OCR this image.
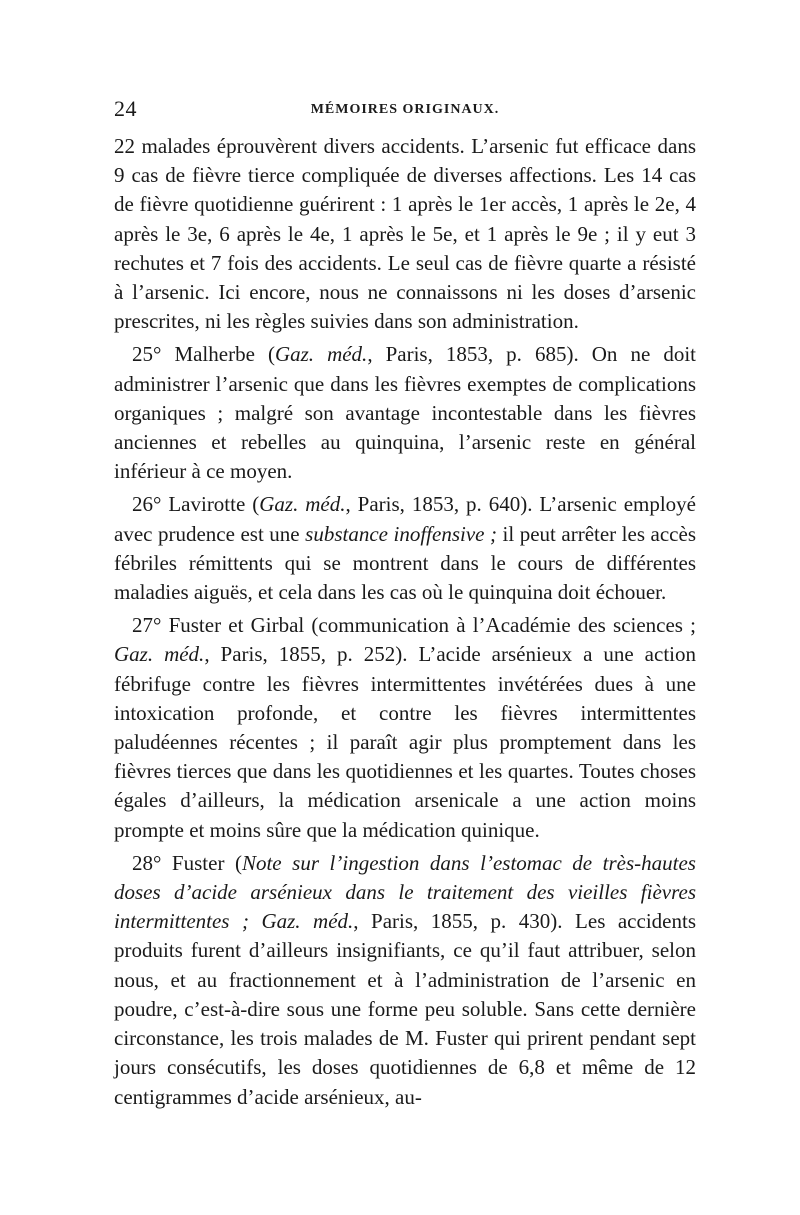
24	MÉMOIRES ORIGINAUX.

22 malades éprouvèrent divers accidents. L’arsenic fut efficace dans 9 cas de fièvre tierce compliquée de diverses affections. Les 14 cas de fièvre quotidienne guérirent : 1 après le 1er accès, 1 après le 2e, 4 après le 3e, 6 après le 4e, 1 après le 5e, et 1 après le 9e ; il y eut 3 rechutes et 7 fois des accidents. Le seul cas de fièvre quarte a résisté à l’arsenic. Ici encore, nous ne connaissons ni les doses d’arsenic prescrites, ni les règles suivies dans son administration.

25° Malherbe (Gaz. méd., Paris, 1853, p. 685). On ne doit administrer l’arsenic que dans les fièvres exemptes de complications organiques ; malgré son avantage incontestable dans les fièvres anciennes et rebelles au quinquina, l’arsenic reste en général inférieur à ce moyen.

26° Lavirotte (Gaz. méd., Paris, 1853, p. 640). L’arsenic employé avec prudence est une substance inoffensive ; il peut arrêter les accès fébriles rémittents qui se montrent dans le cours de différentes maladies aiguës, et cela dans les cas où le quinquina doit échouer.

27° Fuster et Girbal (communication à l’Académie des sciences ; Gaz. méd., Paris, 1855, p. 252). L’acide arsénieux a une action fébrifuge contre les fièvres intermittentes invétérées dues à une intoxication profonde, et contre les fièvres intermittentes paludéennes récentes ; il paraît agir plus promptement dans les fièvres tierces que dans les quotidiennes et les quartes. Toutes choses égales d’ailleurs, la médication arsenicale a une action moins prompte et moins sûre que la médication quinique.

28° Fuster (Note sur l’ingestion dans l’estomac de très-hautes doses d’acide arsénieux dans le traitement des vieilles fièvres intermittentes ; Gaz. méd., Paris, 1855, p. 430). Les accidents produits furent d’ailleurs insignifiants, ce qu’il faut attribuer, selon nous, et au fractionnement et à l’administration de l’arsenic en poudre, c’est-à-dire sous une forme peu soluble. Sans cette dernière circonstance, les trois malades de M. Fuster qui prirent pendant sept jours consécutifs, les doses quotidiennes de 6,8 et même de 12 centigrammes d’acide arsénieux, au-
